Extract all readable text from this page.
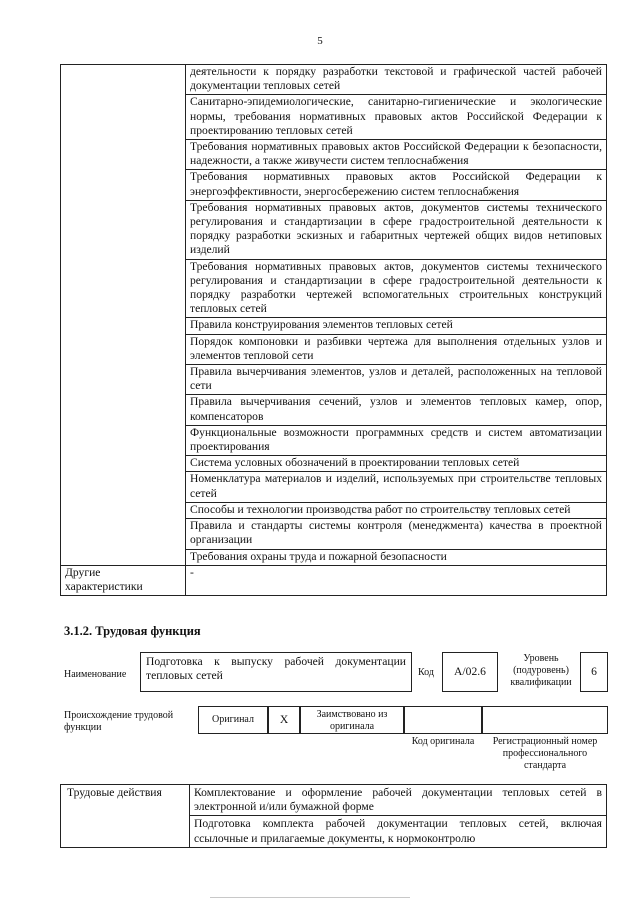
5
	деятельности к порядку разработки текстовой и графической частей рабочей документации тепловых сетей
	Санитарно-эпидемиологические, санитарно-гигиенические и экологические нормы, требования нормативных правовых актов Российской Федерации к проектированию тепловых сетей
	Требования нормативных правовых актов Российской Федерации к безопасности, надежности, а также живучести систем теплоснабжения
	Требования нормативных правовых актов Российской Федерации к энергоэффективности, энергосбережению систем теплоснабжения
	Требования нормативных правовых актов, документов системы технического регулирования и стандартизации в сфере градостроительной деятельности к порядку разработки эскизных и габаритных чертежей общих видов нетиповых изделий
	Требования нормативных правовых актов, документов системы технического регулирования и стандартизации в сфере градостроительной деятельности к порядку разработки чертежей вспомогательных строительных конструкций тепловых сетей
	Правила конструирования элементов тепловых сетей
	Порядок компоновки и разбивки чертежа для выполнения отдельных узлов и элементов тепловой сети
	Правила вычерчивания элементов, узлов и деталей, расположенных на тепловой сети
	Правила вычерчивания сечений, узлов и элементов тепловых камер, опор, компенсаторов
	Функциональные возможности программных средств и систем автоматизации проектирования
	Система условных обозначений в проектировании тепловых сетей
	Номенклатура материалов и изделий, используемых при строительстве тепловых сетей
	Способы и технологии производства работ по строительству тепловых сетей
	Правила и стандарты системы контроля (менеджмента) качества в проектной организации
	Требования охраны труда и пожарной безопасности
Другие характеристики	-
3.1.2. Трудовая функция
Наименование
Подготовка к выпуску рабочей документации тепловых сетей	Код	A/02.6
Уровень (подуровень) квалификации
6
Происхождение трудовой функции
Оригинал	X	Заимствовано из оригинала
Код оригинала	Регистрационный номер профессионального стандарта
Трудовые действия	Комплектование и оформление рабочей документации тепловых сетей в электронной и/или бумажной форме
Подготовка комплекта рабочей документации тепловых сетей, включая ссылочные и прилагаемые документы, к нормоконтролю
